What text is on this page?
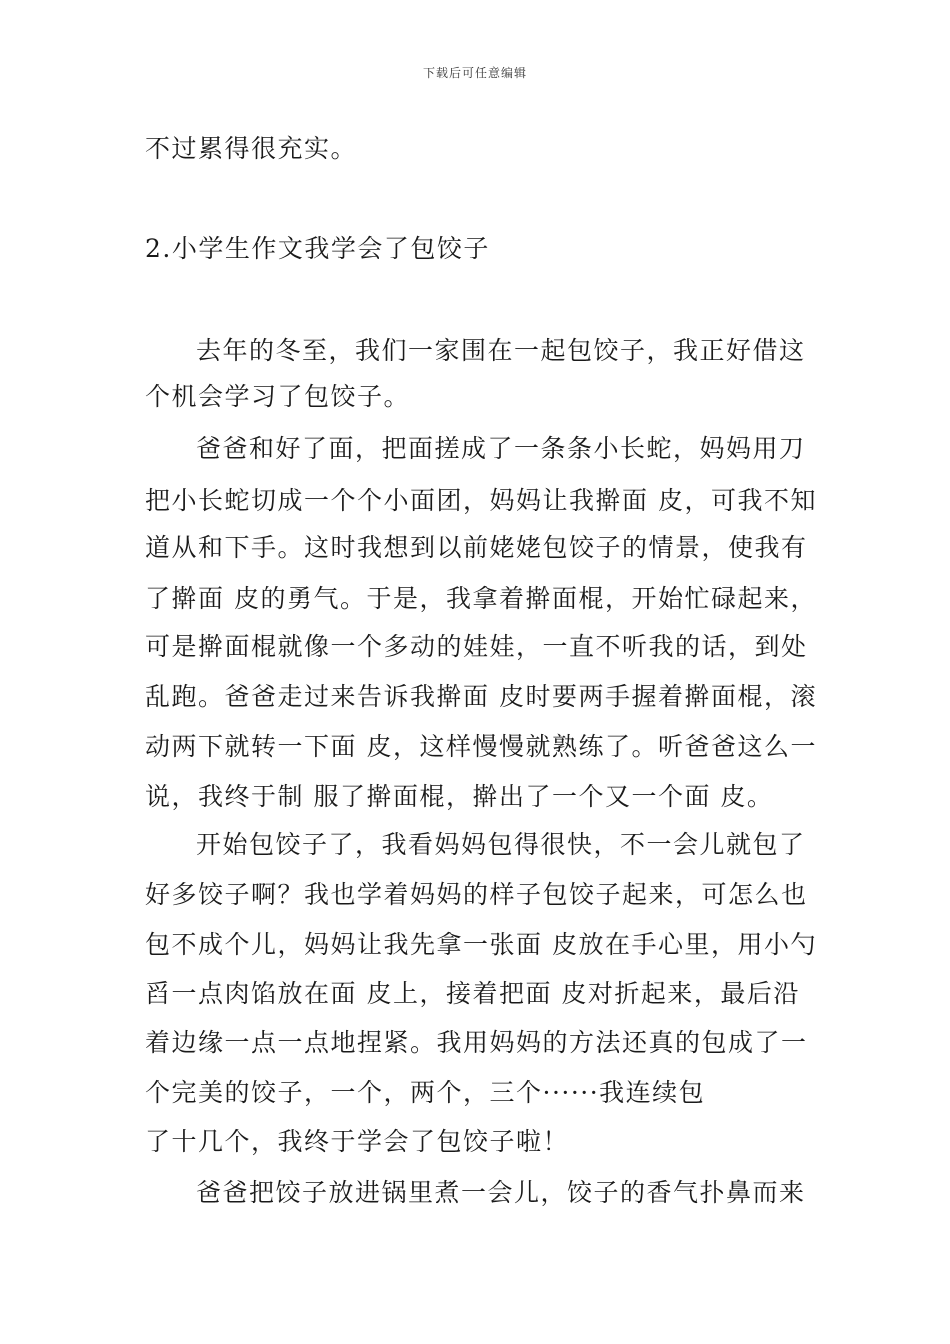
下载后可任意编辑
不过累得很充实。
2.小学生作文我学会了包饺子
去年的冬至，我们一家围在一起包饺子，我正好借这
个机会学习了包饺子。
爸爸和好了面，把面搓成了一条条小长蛇，妈妈用刀
把小长蛇切成一个个小面团，妈妈让我擀面 皮，可我不知
道从和下手。这时我想到以前姥姥包饺子的情景，使我有
了擀面 皮的勇气。于是，我拿着擀面棍，开始忙碌起来，
可是擀面棍就像一个多动的娃娃，一直不听我的话，到处
乱跑。爸爸走过来告诉我擀面 皮时要两手握着擀面棍，滚
动两下就转一下面 皮，这样慢慢就熟练了。听爸爸这么一
说，我终于制 服了擀面棍，擀出了一个又一个面 皮。
开始包饺子了，我看妈妈包得很快，不一会儿就包了
好多饺子啊？我也学着妈妈的样子包饺子起来，可怎么也
包不成个儿，妈妈让我先拿一张面 皮放在手心里，用小勺
舀一点肉馅放在面 皮上，接着把面 皮对折起来，最后沿
着边缘一点一点地捏紧。我用妈妈的方法还真的包成了一
个完美的饺子，一个，两个，三个······我连续包
了十几个，我终于学会了包饺子啦！
爸爸把饺子放进锅里煮一会儿，饺子的香气扑鼻而来
